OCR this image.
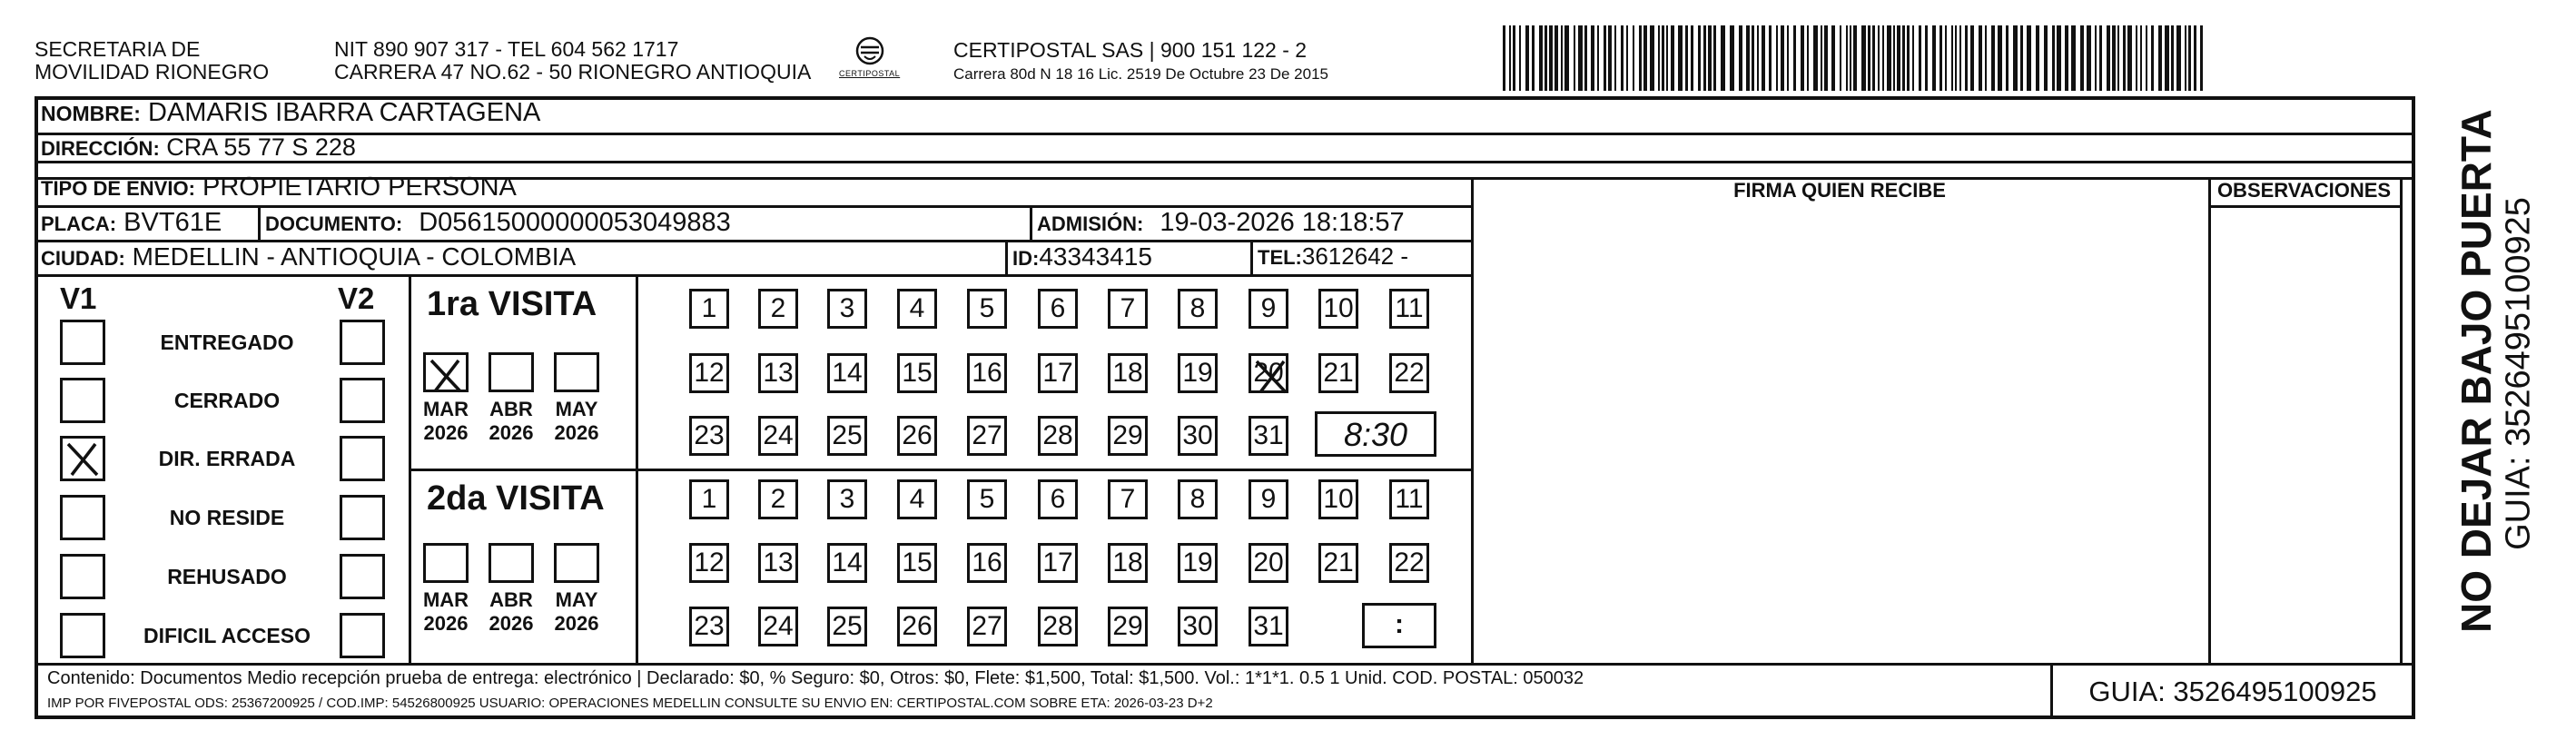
SECRETARIA DE
MOVILIDAD RIONEGRO
NIT 890 907 317 - TEL 604 562 1717
CARRERA 47 NO.62 - 50 RIONEGRO ANTIOQUIA	CERTIPOSTAL
CERTIPOSTAL SAS | 900 151 122 - 2
Carrera 80d N 18 16 Lic. 2519 De Octubre 23 De 2015
NOMBRE: DAMARIS IBARRA CARTAGENA
DIRECCIÓN: CRA 55 77 S 228
TIPO DE ENVIO: PROPIETARIO PERSONA
PLACA: BVT61E DOCUMENTO: D05615000000053049883	ADMISIÓN: 19-03-2026 18:18:57
CIUDAD: MEDELLIN - ANTIOQUIA - COLOMBIA	ID:43343415	TEL:3612642 -
FIRMA QUIEN RECIBE	OBSERVACIONES
V1	V2
ENTREGADO
CERRADO
DIR. ERRADA
NO RESIDE
REHUSADO
DIFICIL ACCESO
1ra VISITA
MAR
2026
ABR
2026
MAY
2026
1	2	3	4	5	6	7	8	9	10 11
12 13 14 15 16 17 18 19 20 21 22
23 24 25 26 27 28 29 30 31	8:30
2da VISITA
MAR
2026
ABR
2026
MAY
2026
1	2	3	4	5	6	7	8	9	10 11
12 13 14 15 16 17 18 19 20 21 22
23 24 25 26 27 28 29 30 31	:
Contenido: Documentos Medio recepción prueba de entrega: electrónico | Declarado: $0, % Seguro: $0, Otros: $0, Flete: $1,500, Total: $1,500. Vol.: 1*1*1. 0.5 1 Unid. COD. POSTAL: 050032
IMP POR FIVEPOSTAL ODS: 25367200925 / COD.IMP: 54526800925 USUARIO: OPERACIONES MEDELLIN CONSULTE SU ENVIO EN: CERTIPOSTAL.COM SOBRE ETA: 2026-03-23 D+2	GUIA: 3526495100925
NO DEJAR BAJO PUERTA GUIA: 3526495100925
